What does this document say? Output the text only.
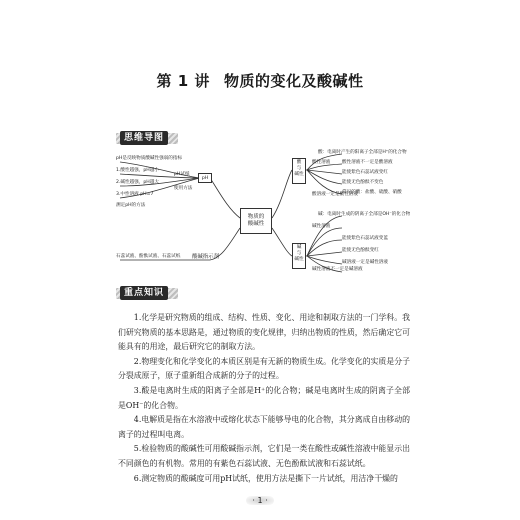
第 1 讲 物质的变化及酸碱性
思维导图
物质的
酸碱性
pH
pH是反映物质酸碱性强弱的指标
1.酸性越强，pH越小
2.碱性越强，pH越大
3.中性溶液 pH=7
pH试纸
使用方法
测定pH的方法
石蕊试液、酚酞试液、石蕊试纸 酸碱指示剂
酸
与
碱性
酸：电离时产生的阳离子全部是H⁺的化合物
酸性溶液	酸性溶液不一定是酸溶液
能使紫色石蕊试液变红
能使无色酚酞不变色
常见的酸：盐酸、硫酸、硝酸
酸溶液一定是酸性溶液
碱
与
碱性
碱：电离时生成的阴离子全部是OH⁻的化合物
碱性溶液
能使紫色石蕊试液变蓝
能使无色酚酞变红
碱溶液一定是碱性溶液
碱性溶液不一定是碱溶液
重点知识

1.化学是研究物质的组成、结构、性质、变化、用途和制取方法的一门学科。我们研究物质的基本思路是，通过物质的变化规律，归纳出物质的性质，然后确定它可能具有的用途，最后研究它的制取方法。

2.物理变化和化学变化的本质区别是有无新的物质生成。化学变化的实质是分子分裂成原子，原子重新组合成新的分子的过程。

3.酸是电离时生成的阳离子全部是H⁺的化合物；碱是电离时生成的阴离子全部是OH⁻的化合物。

4.电解质是指在水溶液中或熔化状态下能够导电的化合物，其分离成自由移动的离子的过程叫电离。

5.检验物质的酸碱性可用酸碱指示剂，它们是一类在酸性或碱性溶液中能显示出不同颜色的有机物。常用的有紫色石蕊试液、无色酚酞试液和石蕊试纸。

6.测定物质的酸碱度可用pH试纸，使用方法是撕下一片试纸，用洁净干燥的

· 1 ·
